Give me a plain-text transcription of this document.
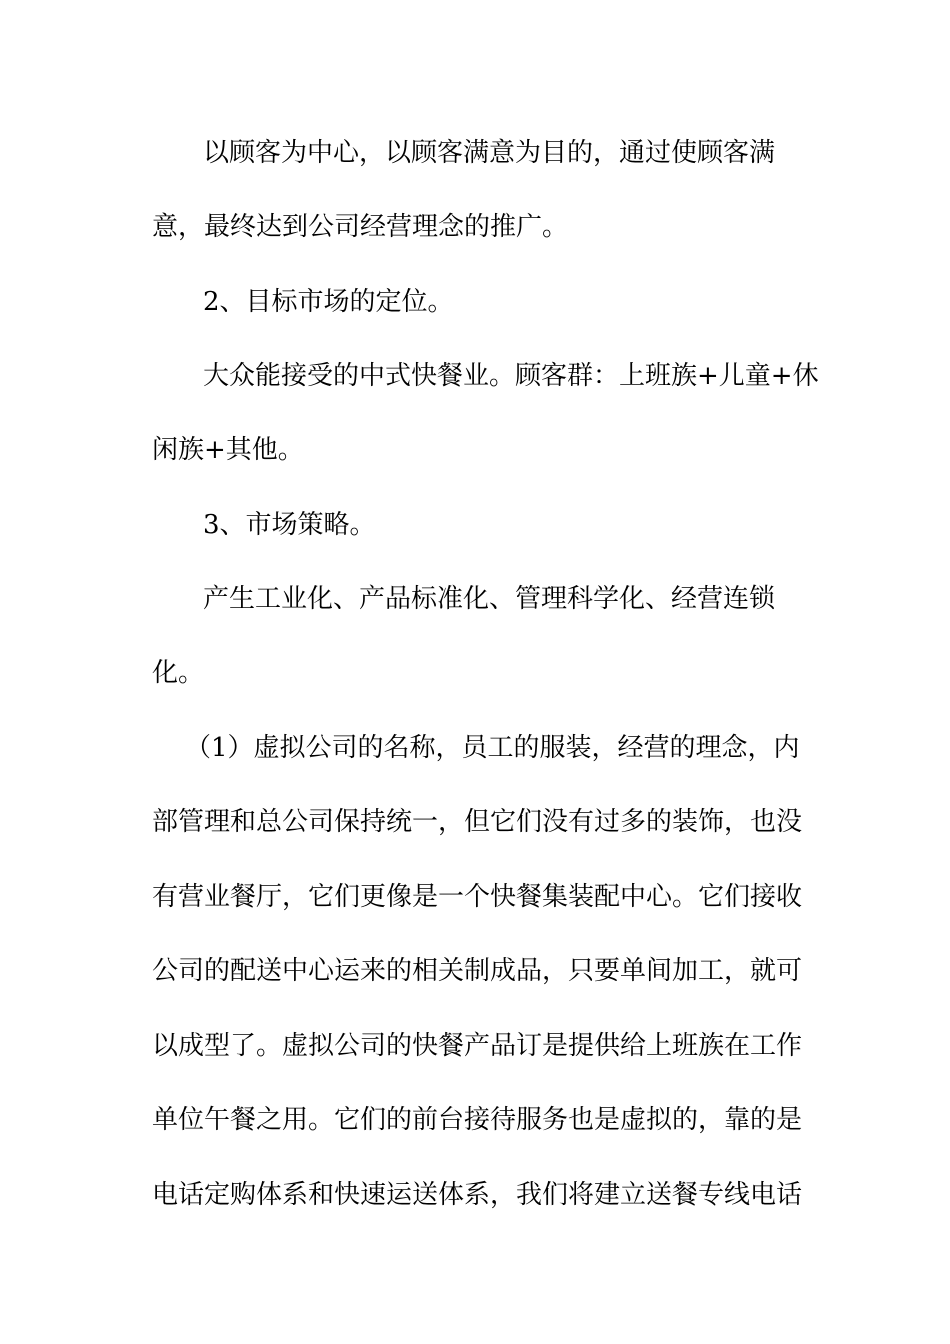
以顾客为中心，以顾客满意为目的，通过使顾客满

意，最终达到公司经营理念的推广。

2、目标市场的定位。

大众能接受的中式快餐业。顾客群：上班族+儿童+休

闲族+其他。

3、市场策略。

产生工业化、产品标准化、管理科学化、经营连锁

化。

（1）虚拟公司的名称，员工的服装，经营的理念，内

部管理和总公司保持统一，但它们没有过多的装饰，也没

有营业餐厅，它们更像是一个快餐集装配中心。它们接收

公司的配送中心运来的相关制成品，只要单间加工，就可

以成型了。虚拟公司的快餐产品订是提供给上班族在工作

单位午餐之用。它们的前台接待服务也是虚拟的，靠的是

电话定购体系和快速运送体系，我们将建立送餐专线电话
